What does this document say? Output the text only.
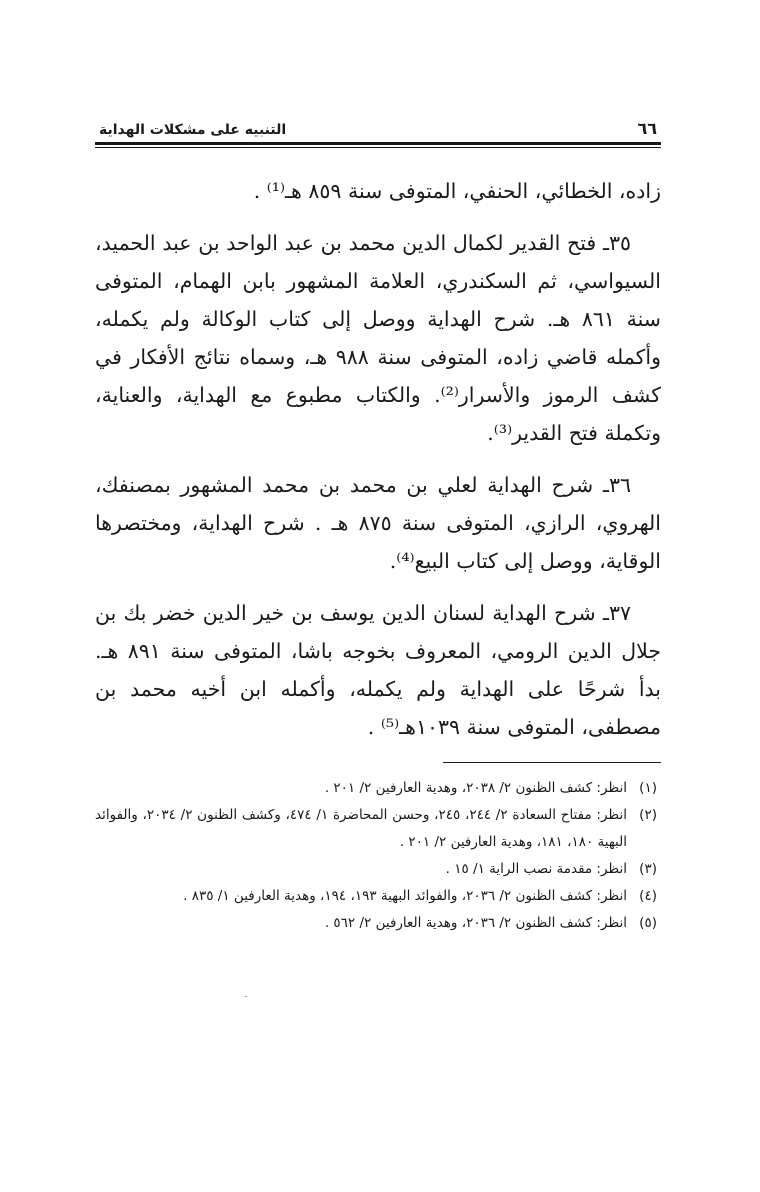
٦٦
التنبيه على مشكلات الهداية

زاده، الخطائي، الحنفي، المتوفى سنة ٨٥٩ هـ⁽¹⁾ .

٣٥ـ فتح القدير لكمال الدين محمد بن عبد الواحد بن عبد الحميد، السيواسي، ثم السكندري، العلامة المشهور بابن الهمام، المتوفى سنة ٨٦١ هـ. شرح الهداية ووصل إلى كتاب الوكالة ولم يكمله، وأكمله قاضي زاده، المتوفى سنة ٩٨٨ هـ، وسماه نتائج الأفكار في كشف الرموز والأسرار⁽²⁾. والكتاب مطبوع مع الهداية، والعناية، وتكملة فتح القدير⁽³⁾.

٣٦ـ شرح الهداية لعلي بن محمد بن محمد المشهور بمصنفك، الهروي، الرازي، المتوفى سنة ٨٧٥ هـ . شرح الهداية، ومختصرها الوقاية، ووصل إلى كتاب البيع⁽⁴⁾.

٣٧ـ شرح الهداية لسنان الدين يوسف بن خير الدين خضر بك بن جلال الدين الرومي، المعروف بخوجه باشا، المتوفى سنة ٨٩١ هـ. بدأ شرحًا على الهداية ولم يكمله، وأكمله ابن أخيه محمد بن مصطفى، المتوفى سنة ١٠٣٩هـ⁽⁵⁾ .

(١)
انظر: كشف الظنون ٢/ ٢٠٣٨، وهدية العارفين ٢/ ٢٠١ .
(٢)
انظر: مفتاح السعادة ٢/ ٢٤٤، ٢٤٥، وحسن المحاضرة ١/ ٤٧٤، وكشف الظنون ٢/ ٢٠٣٤، والفوائد البهية ١٨٠، ١٨١، وهدية العارفين ٢/ ٢٠١ .
(٣)
انظر: مقدمة نصب الراية ١/ ١٥ .
(٤)
انظر: كشف الظنون ٢/ ٢٠٣٦، والفوائد البهية ١٩٣، ١٩٤، وهدية العارفين ١/ ٨٣٥ .
(٥)
انظر: كشف الظنون ٢/ ٢٠٣٦، وهدية العارفين ٢/ ٥٦٢ .
